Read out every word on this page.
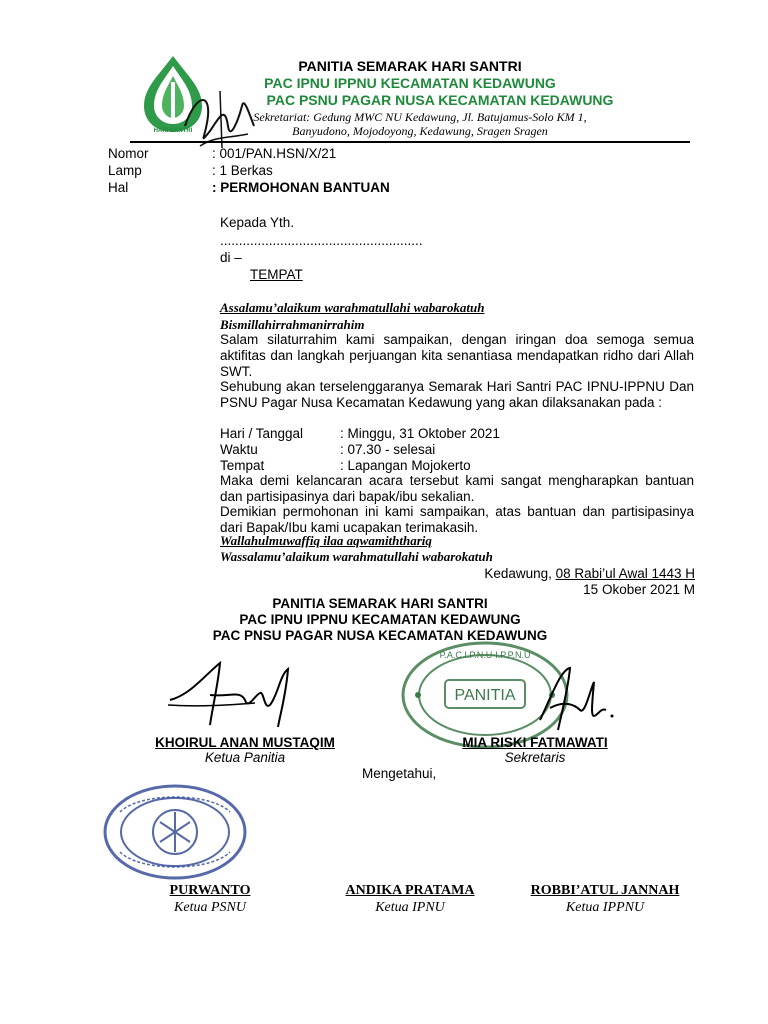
HARI SANTRI
PANITIA SEMARAK HARI SANTRI
PAC IPNU IPPNU KECAMATAN KEDAWUNG
PAC PSNU PAGAR NUSA KECAMATAN KEDAWUNG
Sekretariat: Gedung MWC NU Kedawung, Jl. Batujamus-Solo KM 1,
Banyudono, Mojodoyong, Kedawung, Sragen Sragen
Nomor	: 001/PAN.HSN/X/21
Lamp	: 1 Berkas
Hal	: PERMOHONAN BANTUAN
Kepada Yth.
......................................................
di –
TEMPAT
Assalamu’alaikum warahmatullahi wabarokatuh
Bismillahirrahmanirrahim
Salam silaturrahim kami sampaikan, dengan iringan doa semoga semua aktifitas dan langkah perjuangan kita senantiasa mendapatkan ridho dari Allah SWT.
Sehubung akan terselenggaranya Semarak Hari Santri PAC IPNU-IPPNU Dan PSNU Pagar Nusa Kecamatan Kedawung yang akan dilaksanakan pada :
Hari / Tanggal	: Minggu, 31 Oktober 2021
Waktu	: 07.30 - selesai
Tempat	: Lapangan Mojokerto
Maka demi kelancaran acara tersebut kami sangat mengharapkan bantuan dan partisipasinya dari bapak/ibu sekalian.
Demikian permohonan ini kami sampaikan, atas bantuan dan partisipasinya dari Bapak/Ibu kami ucapakan terimakasih.
Wallahulmuwaffiq ilaa aqwamiththariq
Wassalamu’alaikum warahmatullahi wabarokatuh
Kedawung, 08 Rabi’ul Awal 1443 H
15 Okober 2021 M
PANITIA SEMARAK HARI SANTRI
PAC IPNU IPPNU KECAMATAN KEDAWUNG
PAC PNSU PAGAR NUSA KECAMATAN KEDAWUNG
PANITIA
P.A.C.I.P.N.U-I.P.P.N.U
KHOIRUL ANAN MUSTAQIM
Ketua Panitia
MIA RISKI FATMAWATI
Sekretaris
Mengetahui,
PURWANTO
Ketua PSNU
ANDIKA PRATAMA
Ketua IPNU
ROBBI’ATUL JANNAH
Ketua IPPNU
